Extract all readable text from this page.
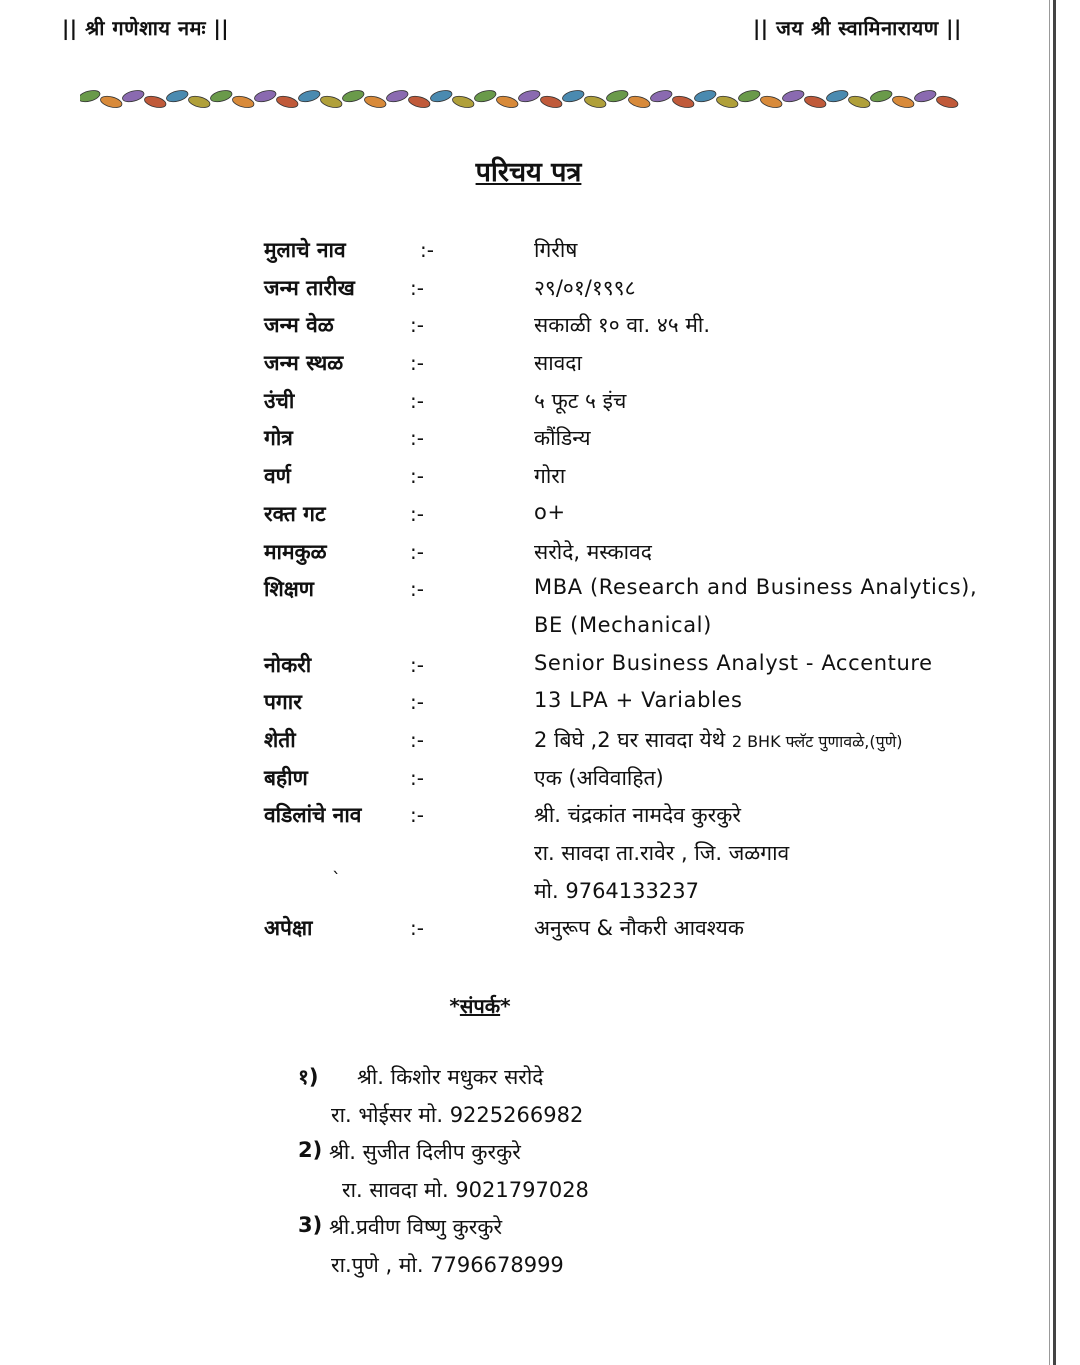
|| श्री गणेशाय नमः ||	|| जय श्री स्वामिनारायण ||
परिचय पत्र
मुलाचे नाव	:-	गिरीष
जन्म तारीख	:-	२९/०१/१९९८
जन्म वेळ	:-	सकाळी १० वा. ४५ मी.
जन्म स्थळ	:-	सावदा
उंची	:-	५ फूट ५ इंच
गोत्र	:-	कौंडिन्य
वर्ण	:-	गोरा
रक्त गट	:-	o+
मामकुळ	:-	सरोदे, मस्कावद
शिक्षण	:-	MBA (Research and Business Analytics),
BE (Mechanical)
नोकरी	:-	Senior Business Analyst - Accenture
पगार	:-	13 LPA + Variables
शेती	:-	2 बिघे ,2 घर सावदा येथे 2 BHK फ्लॅट पुणावळे,(पुणे)
बहीण	:-	एक (अविवाहित)
वडिलांचे नाव :-	श्री. चंद्रकांत नामदेव कुरकुरे
रा. सावदा ता.रावेर , जि. जळगाव
`	मो. 9764133237
अपेक्षा	:-	अनुरूप & नौकरी आवश्यक
*संपर्क*
१) श्री. किशोर मधुकर सरोदे
रा. भोईसर मो. 9225266982
2) श्री. सुजीत दिलीप कुरकुरे
रा. सावदा मो. 9021797028
3) श्री.प्रवीण विष्णु कुरकुरे
रा.पुणे , मो. 7796678999
